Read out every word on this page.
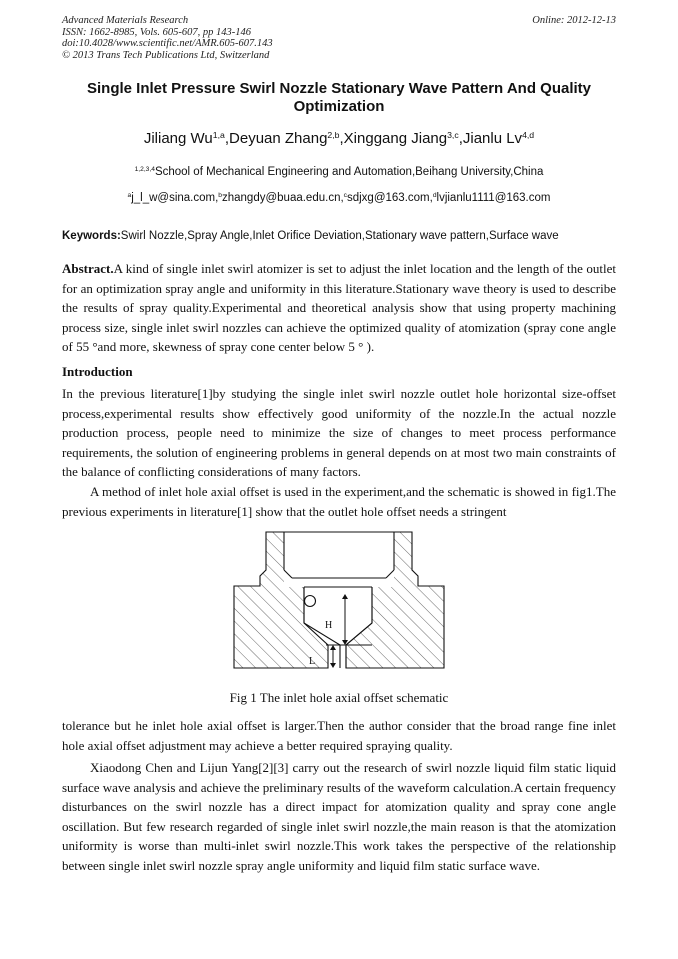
Advanced Materials Research	Online: 2012-12-13
ISSN: 1662-8985, Vols. 605-607, pp 143-146
doi:10.4028/www.scientific.net/AMR.605-607.143
© 2013 Trans Tech Publications Ltd, Switzerland
Single Inlet Pressure Swirl Nozzle Stationary Wave Pattern And Quality Optimization
Jiliang Wu$^{1,a}$,Deyuan Zhang$^{2,b}$,Xinggang Jiang$^{3,c}$,Jianlu Lv$^{4,d}$
$^{1,2,3,4}$School of Mechanical Engineering and Automation,Beihang University,China
$^a$j_l_w@sina.com,$^b$zhangdy@buaa.edu.cn,$^c$sdjxg@163.com,$^d$lvjianlu1111@163.com
Keywords:Swirl Nozzle,Spray Angle,Inlet Orifice Deviation,Stationary wave pattern,Surface wave

Abstract.A kind of single inlet swirl atomizer is set to adjust the inlet location and the length of the outlet for an optimization spray angle and uniformity in this literature.Stationary wave theory is used to describe the results of spray quality.Experimental and theoretical analysis show that using property machining process size, single inlet swirl nozzles can achieve the optimized quality of atomization (spray cone angle of 55 °and more, skewness of spray cone center below 5 ° ).

Introduction

In the previous literature[1]by studying the single inlet swirl nozzle outlet hole horizontal size-offset process,experimental results show effectively good uniformity of the nozzle.In the actual nozzle production process, people need to minimize the size of changes to meet process performance requirements, the solution of engineering problems in general depends on at most two main constraints of the balance of conflicting considerations of many factors.

A method of inlet hole axial offset is used in the experiment,and the schematic is showed in fig1.The previous experiments in literature[1] show that the outlet hole offset needs a stringent

H
L
Fig 1 The inlet hole axial offset schematic

tolerance but he inlet hole axial offset is larger.Then the author consider that the broad range fine inlet hole axial offset adjustment may achieve a better required spraying quality.

Xiaodong Chen and Lijun Yang[2][3] carry out the research of swirl nozzle liquid film static liquid surface wave analysis and achieve the preliminary results of the waveform calculation.A certain frequency disturbances on the swirl nozzle has a direct impact for atomization quality and spray cone angle oscillation. But few research regarded of single inlet swirl nozzle,the main reason is that the atomization uniformity is worse than multi-inlet swirl nozzle.This work takes the perspective of the relationship between single inlet swirl nozzle spray angle uniformity and liquid film static surface wave.
